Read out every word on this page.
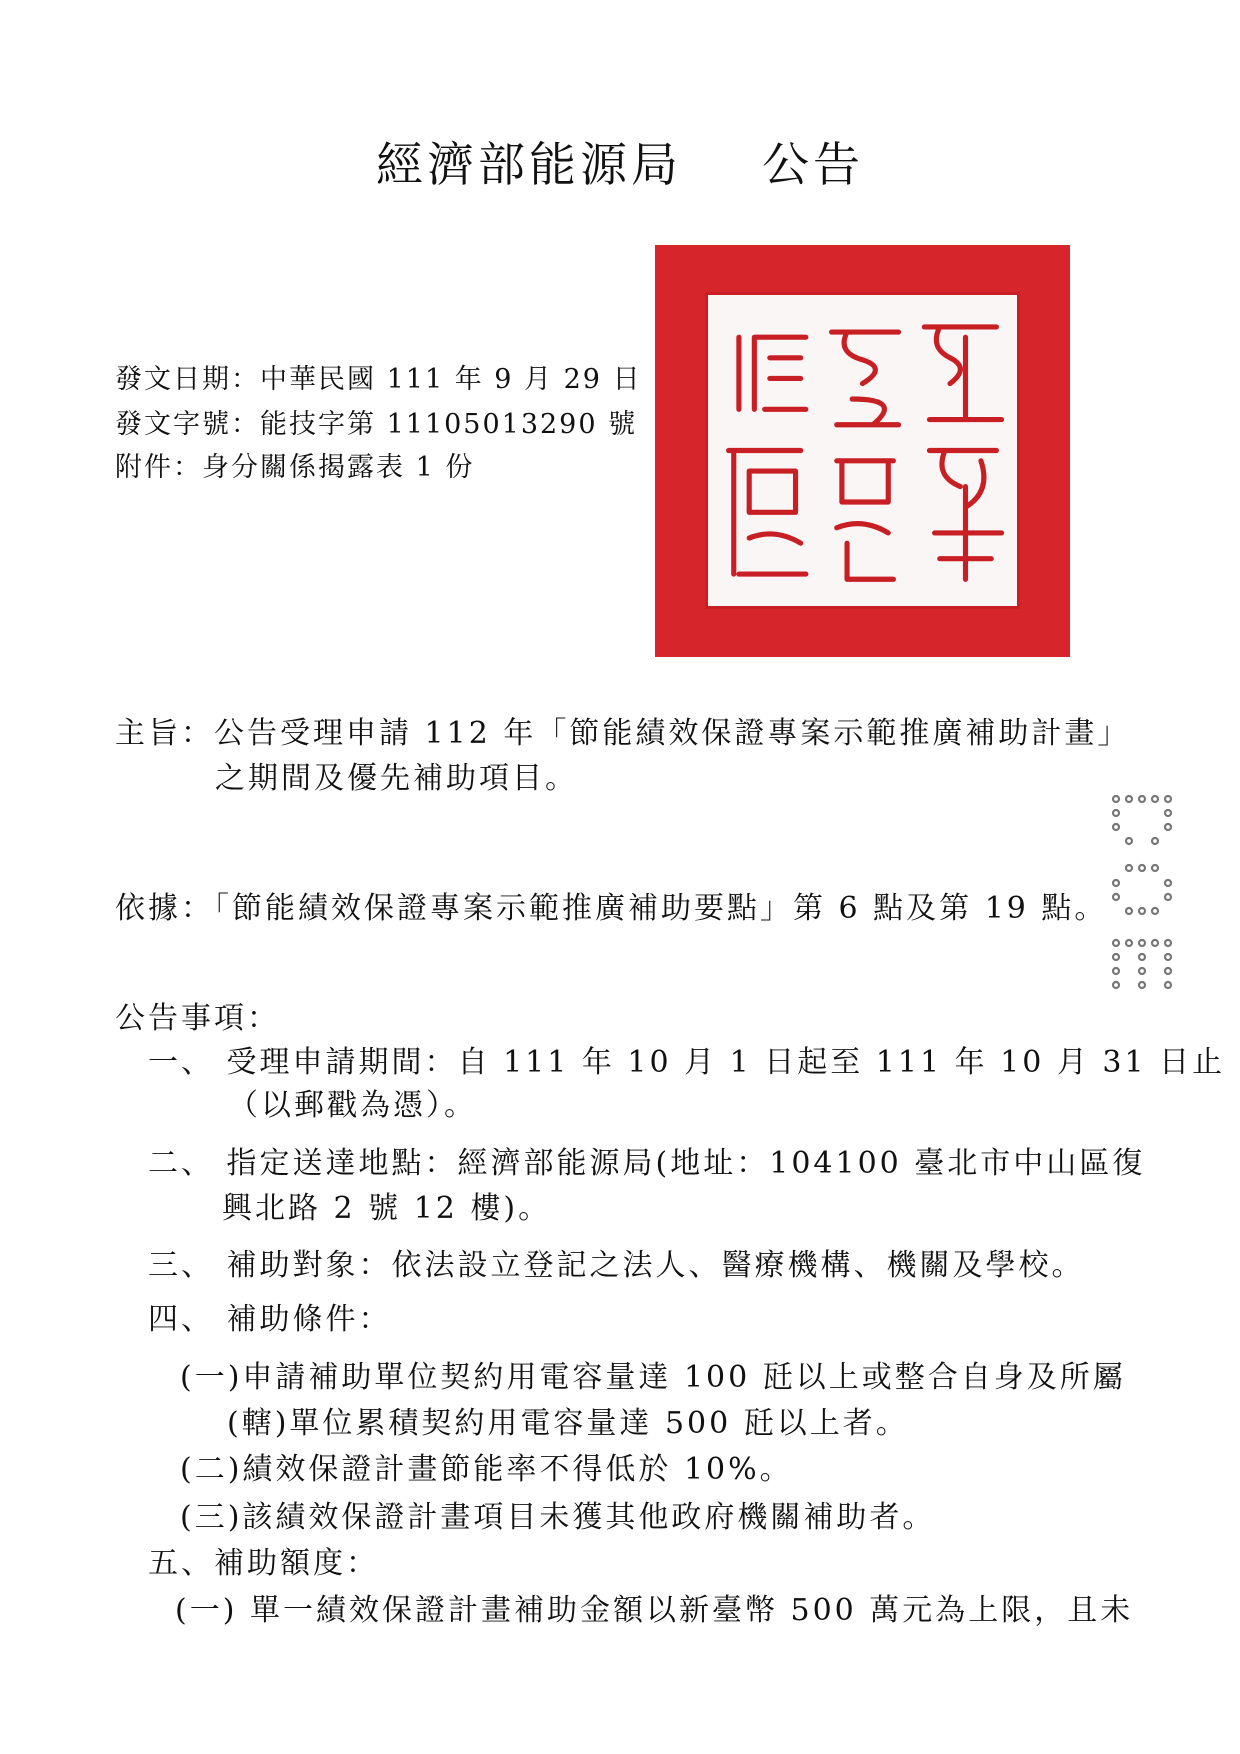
經濟部能源局 公告
發文日期：中華民國 111 年 9 月 29 日
發文字號：能技字第 11105013290 號
附件：身分關係揭露表 1 份
主旨：公告受理申請 112 年「節能績效保證專案示範推廣補助計畫」
之期間及優先補助項目。
依據：「節能績效保證專案示範推廣補助要點」第 6 點及第 19 點。
公告事項：
一、 受理申請期間：自 111 年 10 月 1 日起至 111 年 10 月 31 日止
（以郵戳為憑）。
二、 指定送達地點：經濟部能源局(地址：104100 臺北市中山區復
興北路 2 號 12 樓)。
三、 補助對象：依法設立登記之法人、醫療機構、機關及學校。
四、 補助條件：
(一)申請補助單位契約用電容量達 100 瓩以上或整合自身及所屬
(轄)單位累積契約用電容量達 500 瓩以上者。
(二)績效保證計畫節能率不得低於 10%。
(三)該績效保證計畫項目未獲其他政府機關補助者。
五、補助額度：
(一) 單一績效保證計畫補助金額以新臺幣 500 萬元為上限，且未
